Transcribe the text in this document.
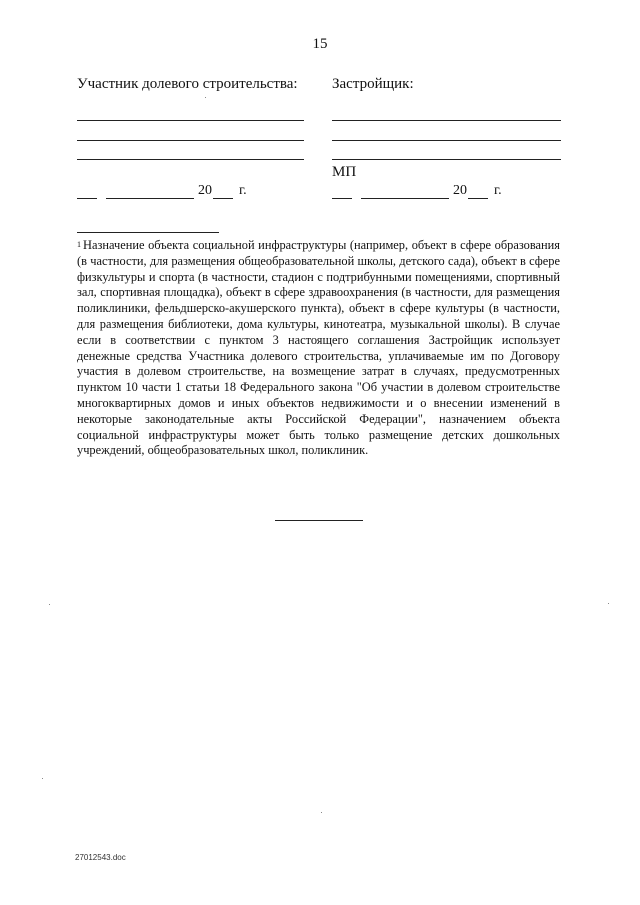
15
Участник долевого строительства:
20 г.
Застройщик:
МП
20 г.
$^1$ Назначение объекта социальной инфраструктуры (например, объект в сфере образования (в частности, для размещения общеобразовательной школы, детского сада), объект в сфере физкультуры и спорта (в частности, стадион с подтрибунными помещениями, спортивный зал, спортивная площадка), объект в сфере здравоохранения (в частности, для размещения поликлиники, фельдшерско-акушерского пункта), объект в сфере культуры (в частности, для размещения библиотеки, дома культуры, кинотеатра, музыкальной школы). В случае если в соответствии с пунктом 3 настоящего соглашения Застройщик использует денежные средства Участника долевого строительства, уплачиваемые им по Договору участия в долевом строительстве, на возмещение затрат в случаях, предусмотренных пунктом 10 части 1 статьи 18 Федерального закона "Об участии в долевом строительстве многоквартирных домов и иных объектов недвижимости и о внесении изменений в некоторые законодательные акты Российской Федерации", назначением объекта социальной инфраструктуры может быть только размещение детских дошкольных учреждений, общеобразовательных школ, поликлиник.
27012543.doc
